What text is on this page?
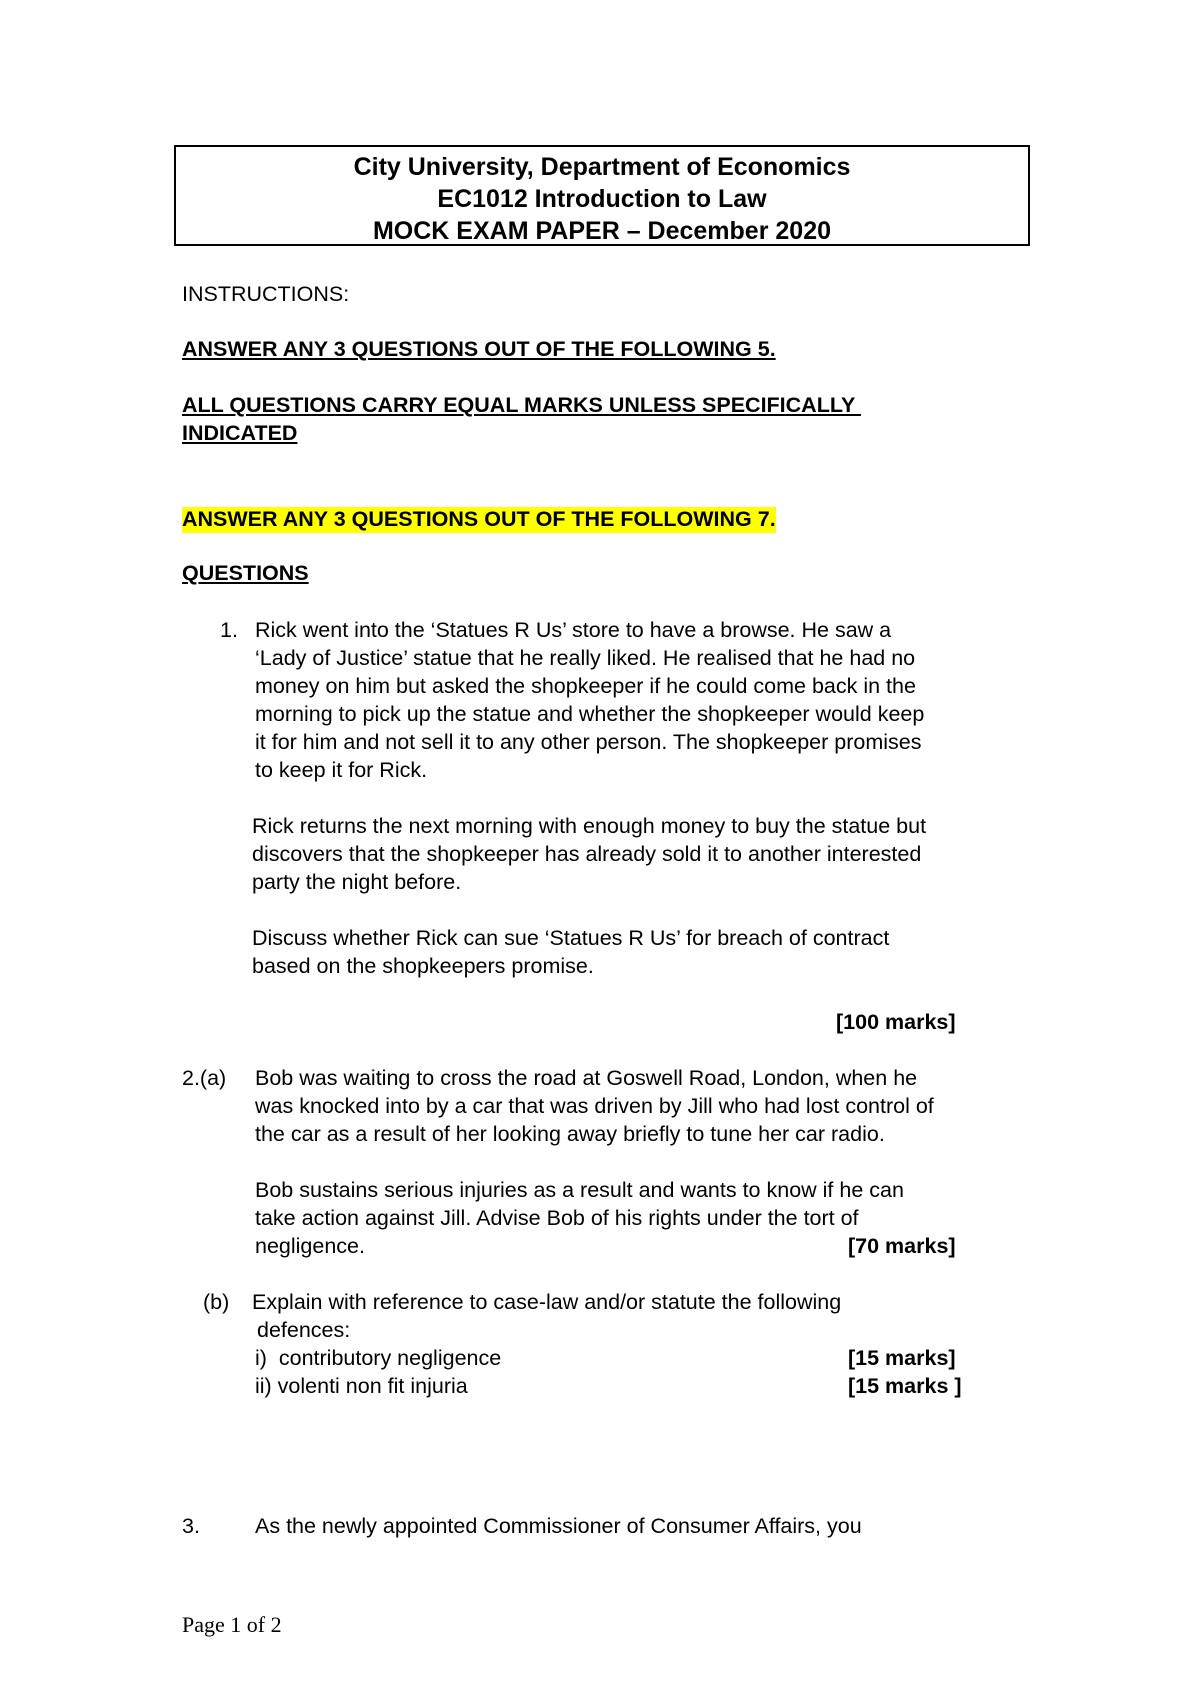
City University, Department of Economics
EC1012 Introduction to Law
MOCK EXAM PAPER – December 2020
INSTRUCTIONS:
ANSWER ANY 3 QUESTIONS OUT OF THE FOLLOWING 5.
ALL QUESTIONS CARRY EQUAL MARKS UNLESS SPECIFICALLY
INDICATED
ANSWER ANY 3 QUESTIONS OUT OF THE FOLLOWING 7.
QUESTIONS
1. Rick went into the ‘Statues R Us’ store to have a browse. He saw a
‘Lady of Justice’ statue that he really liked. He realised that he had no
money on him but asked the shopkeeper if he could come back in the
morning to pick up the statue and whether the shopkeeper would keep
it for him and not sell it to any other person. The shopkeeper promises
to keep it for Rick.
Rick returns the next morning with enough money to buy the statue but
discovers that the shopkeeper has already sold it to another interested
party the night before.
Discuss whether Rick can sue ‘Statues R Us’ for breach of contract
based on the shopkeepers promise.
[100 marks]
2.(a) Bob was waiting to cross the road at Goswell Road, London, when he
was knocked into by a car that was driven by Jill who had lost control of
the car as a result of her looking away briefly to tune her car radio.
Bob sustains serious injuries as a result and wants to know if he can
take action against Jill. Advise Bob of his rights under the tort of
negligence.	[70 marks]
(b) Explain with reference to case-law and/or statute the following
defences:
i)  contributory negligence	[15 marks]
ii) volenti non fit injuria	[15 marks ]
3.	As the newly appointed Commissioner of Consumer Affairs, you
Page 1 of 2
